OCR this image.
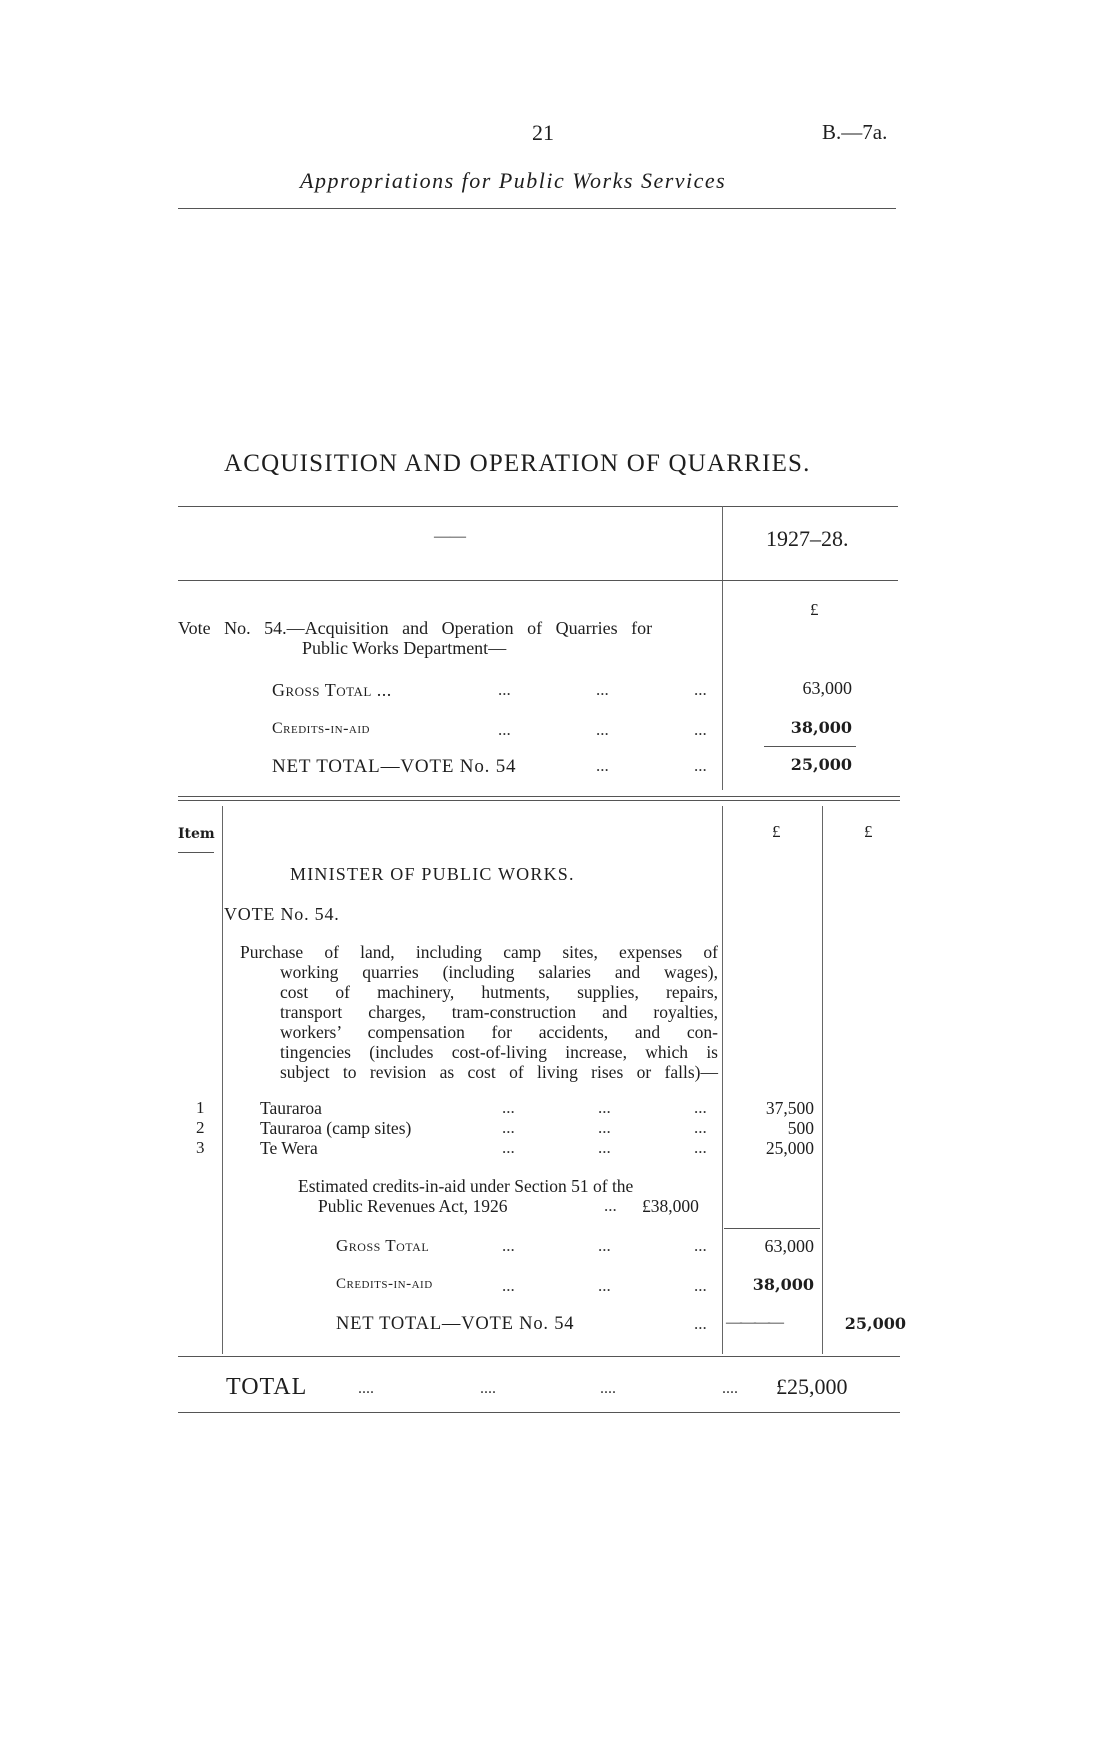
21	B.—7a.
Appropriations for Public Works Services
ACQUISITION AND OPERATION OF QUARRIES.
——	1927–28.
£
Vote No. 54.—Acquisition and Operation of Quarries for
Public Works Department—
Gross Total ...	...	...	...	63,000
Credits-in-aid	...	...	...	38,000
NET TOTAL—VOTE No. 54	...	...	25,000
Item	£	£
MINISTER OF PUBLIC WORKS.
VOTE No. 54.
Purchase of land, including camp sites, expenses of
working quarries (including salaries and wages),
cost of machinery, hutments, supplies, repairs,
transport charges, tram-construction and royalties,
workers’ compensation for accidents, and con-
tingencies (includes cost-of-living increase, which is
subject to revision as cost of living rises or falls)—
1	Tauraroa	...	...	...	37,500
2	Tauraroa (camp sites)	...	...	...	500
3	Te Wera	...	...	...	25,000
Estimated credits-in-aid under Section 51 of the
Public Revenues Act, 1926	... £38,000
Gross Total	...	...	...	63,000
Credits-in-aid	...	...	...	38,000
NET TOTAL—VOTE No. 54	... ————	25,000
TOTAL	....	....	....	.... £25,000
